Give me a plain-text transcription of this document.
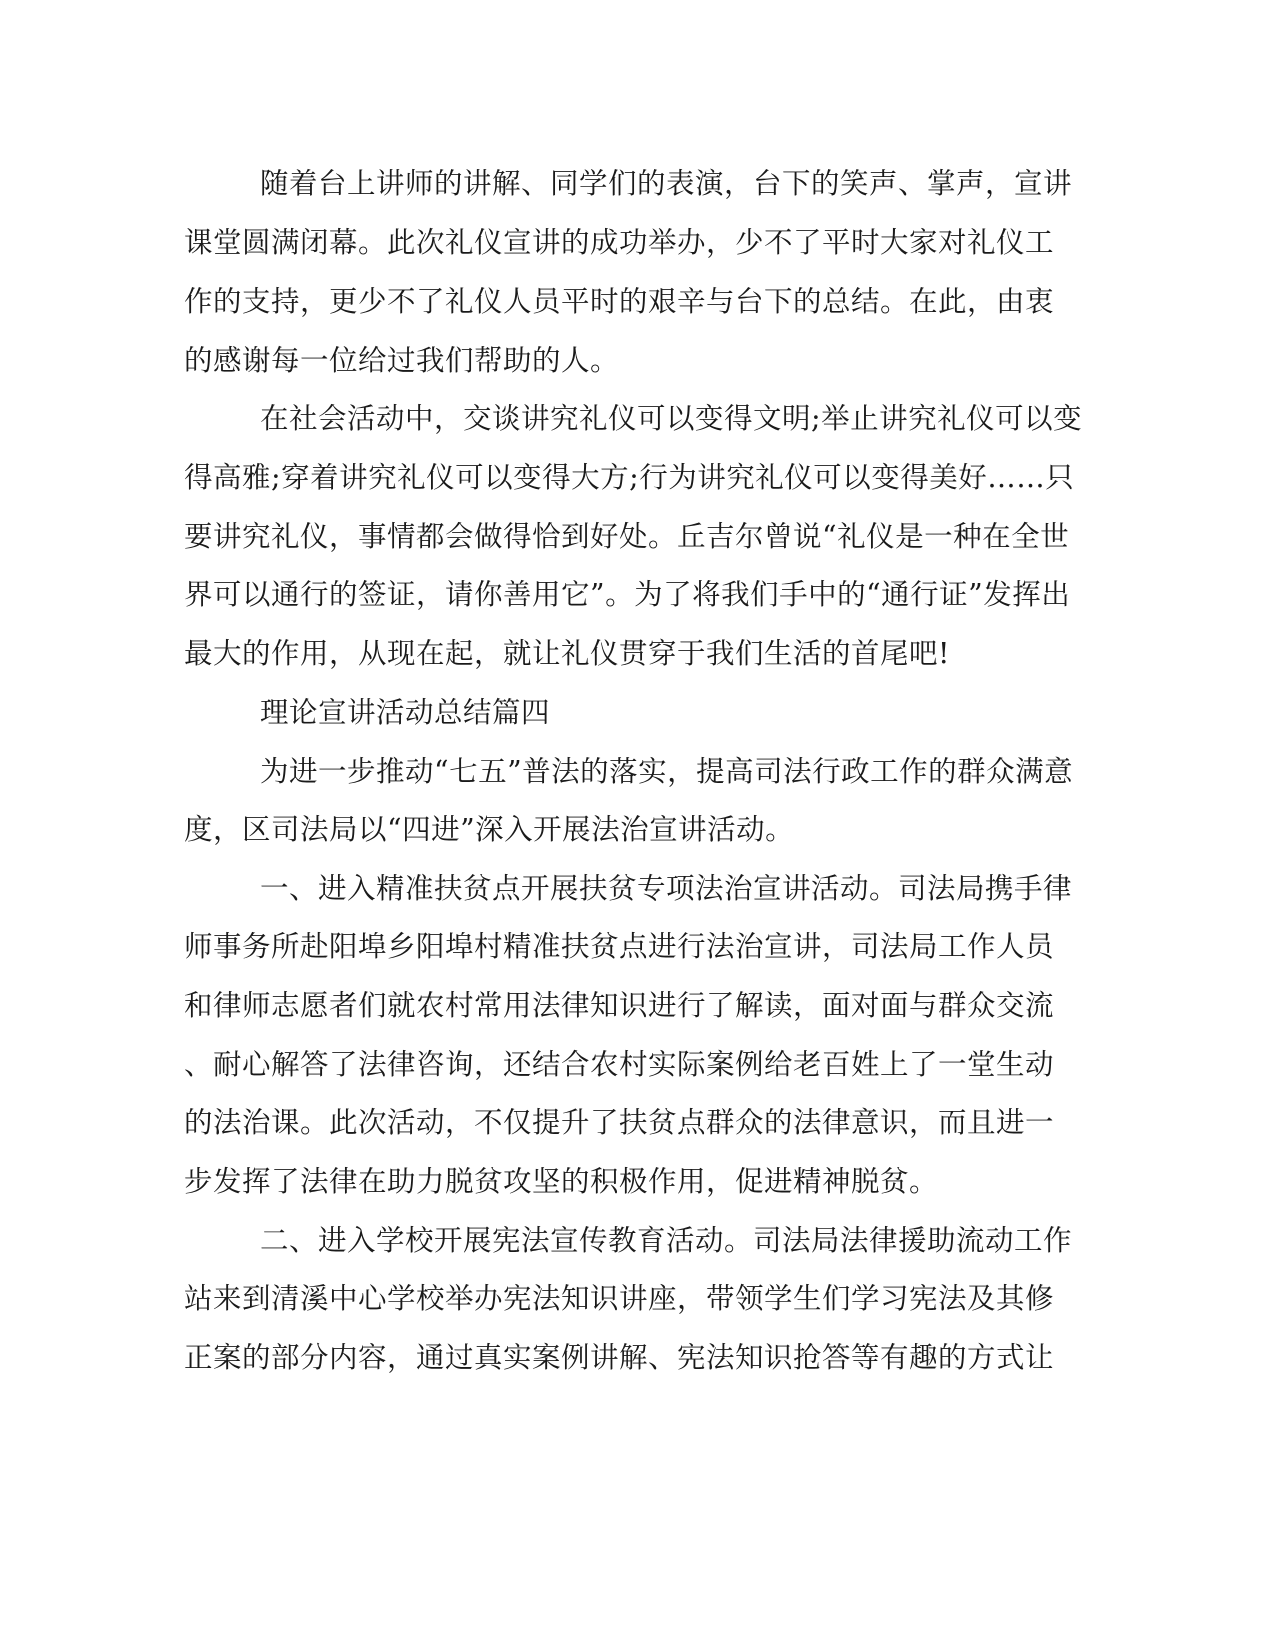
随着台上讲师的讲解、同学们的表演，台下的笑声、掌声，宣讲
课堂圆满闭幕。此次礼仪宣讲的成功举办，少不了平时大家对礼仪工
作的支持，更少不了礼仪人员平时的艰辛与台下的总结。在此，由衷
的感谢每一位给过我们帮助的人。
在社会活动中，交谈讲究礼仪可以变得文明;举止讲究礼仪可以变
得高雅;穿着讲究礼仪可以变得大方;行为讲究礼仪可以变得美好……只
要讲究礼仪，事情都会做得恰到好处。丘吉尔曾说“礼仪是一种在全世
界可以通行的签证，请你善用它”。为了将我们手中的“通行证”发挥出
最大的作用，从现在起，就让礼仪贯穿于我们生活的首尾吧!
理论宣讲活动总结篇四
为进一步推动“七五”普法的落实，提高司法行政工作的群众满意
度，区司法局以“四进”深入开展法治宣讲活动。
一、进入精准扶贫点开展扶贫专项法治宣讲活动。司法局携手律
师事务所赴阳埠乡阳埠村精准扶贫点进行法治宣讲，司法局工作人员
和律师志愿者们就农村常用法律知识进行了解读，面对面与群众交流
、耐心解答了法律咨询，还结合农村实际案例给老百姓上了一堂生动
的法治课。此次活动，不仅提升了扶贫点群众的法律意识，而且进一
步发挥了法律在助力脱贫攻坚的积极作用，促进精神脱贫。
二、进入学校开展宪法宣传教育活动。司法局法律援助流动工作
站来到清溪中心学校举办宪法知识讲座，带领学生们学习宪法及其修
正案的部分内容，通过真实案例讲解、宪法知识抢答等有趣的方式让
